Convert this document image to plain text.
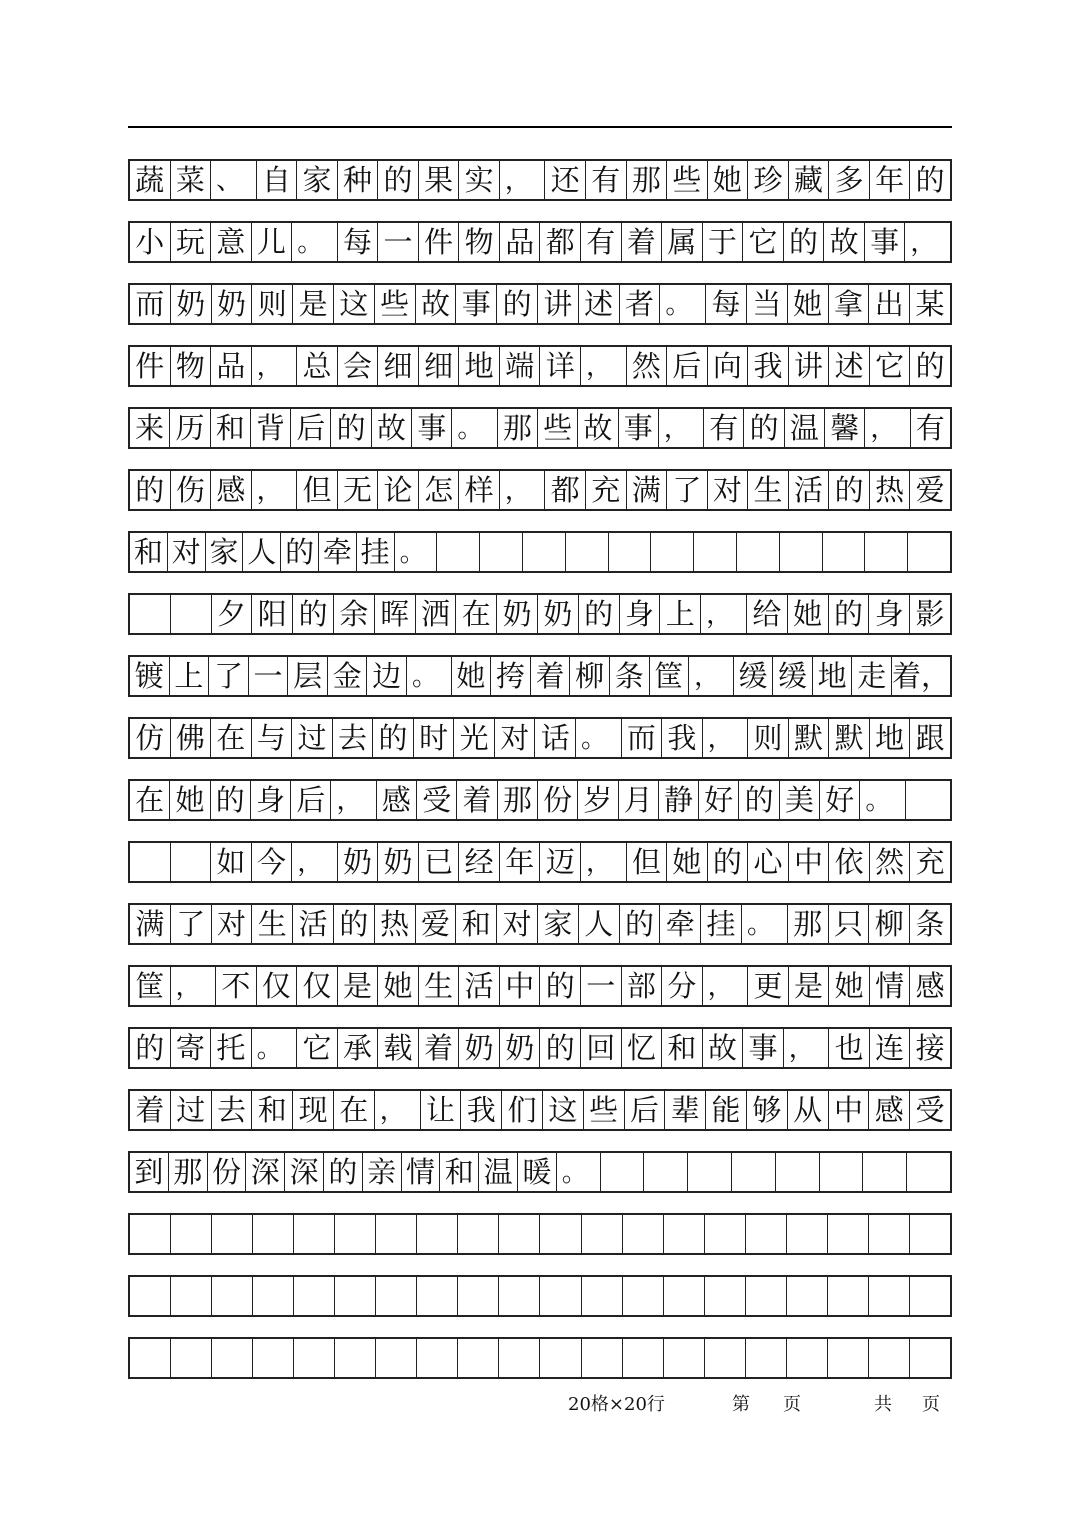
蔬 菜 、 自 家 种 的 果 实 ， 还 有 那 些 她 珍 藏 多 年 的
小 玩 意 儿 。 每 一 件 物 品 都 有 着 属 于 它 的 故 事 ，
而 奶 奶 则 是 这 些 故 事 的 讲 述 者 。 每 当 她 拿 出 某
件 物 品 ， 总 会 细 细 地 端 详 ， 然 后 向 我 讲 述 它 的
来 历 和 背 后 的 故 事 。 那 些 故 事 ， 有 的 温 馨 ， 有
的 伤 感 ， 但 无 论 怎 样 ， 都 充 满 了 对 生 活 的 热 爱
和 对 家 人 的 牵 挂 。
夕 阳 的 余 晖 洒 在 奶 奶 的 身 上 ， 给 她 的 身 影
镀 上 了 一 层 金 边 。 她 挎 着 柳 条 筐 ， 缓 缓 地 走 着，
仿 佛 在 与 过 去 的 时 光 对 话 。 而 我 ， 则 默 默 地 跟
在 她 的 身 后 ， 感 受 着 那 份 岁 月 静 好 的 美 好 。
如 今 ， 奶 奶 已 经 年 迈 ， 但 她 的 心 中 依 然 充
满 了 对 生 活 的 热 爱 和 对 家 人 的 牵 挂 。 那 只 柳 条
筐 ， 不 仅 仅 是 她 生 活 中 的 一 部 分 ， 更 是 她 情 感
的 寄 托 。 它 承 载 着 奶 奶 的 回 忆 和 故 事 ， 也 连 接
着 过 去 和 现 在 ， 让 我 们 这 些 后 辈 能 够 从 中 感 受
到 那 份 深 深 的 亲 情 和 温 暖 。
20格×20行	第 页	共 页
